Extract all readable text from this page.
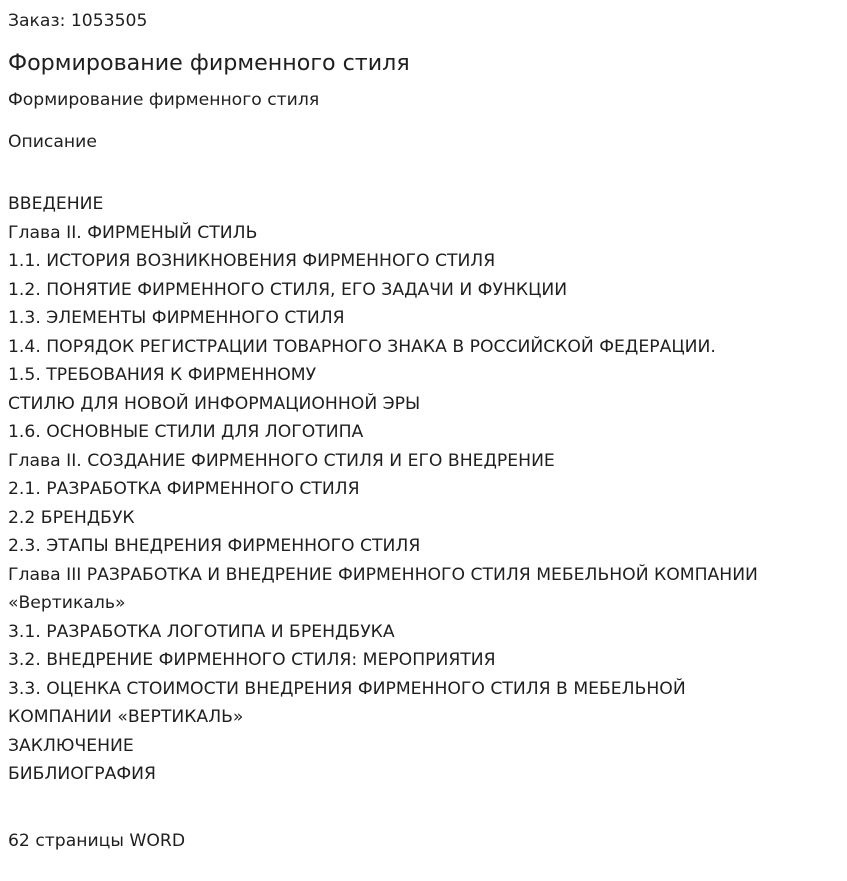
Заказ: 1053505
Формирование фирменного стиля
Формирование фирменного стиля
Описание
ВВЕДЕНИЕ
Глава II. ФИРМЕНЫЙ СТИЛЬ
1.1. ИСТОРИЯ ВОЗНИКНОВЕНИЯ ФИРМЕННОГО СТИЛЯ
1.2. ПОНЯТИЕ ФИРМЕННОГО СТИЛЯ, ЕГО ЗАДАЧИ И ФУНКЦИИ
1.3. ЭЛЕМЕНТЫ ФИРМЕННОГО СТИЛЯ
1.4. ПОРЯДОК РЕГИСТРАЦИИ ТОВАРНОГО ЗНАКА В РОССИЙСКОЙ ФЕДЕРАЦИИ.
1.5. ТРЕБОВАНИЯ К ФИРМЕННОМУ
СТИЛЮ ДЛЯ НОВОЙ ИНФОРМАЦИОННОЙ ЭРЫ
1.6. ОСНОВНЫЕ СТИЛИ ДЛЯ ЛОГОТИПА
Глава II. СОЗДАНИЕ ФИРМЕННОГО СТИЛЯ И ЕГО ВНЕДРЕНИЕ
2.1. РАЗРАБОТКА ФИРМЕННОГО СТИЛЯ
2.2 БРЕНДБУК
2.3. ЭТАПЫ ВНЕДРЕНИЯ ФИРМЕННОГО СТИЛЯ
Глава III РАЗРАБОТКА И ВНЕДРЕНИЕ ФИРМЕННОГО СТИЛЯ МЕБЕЛЬНОЙ КОМПАНИИ
«Вертикаль»
3.1. РАЗРАБОТКА ЛОГОТИПА И БРЕНДБУКА
3.2. ВНЕДРЕНИЕ ФИРМЕННОГО СТИЛЯ: МЕРОПРИЯТИЯ
3.3. ОЦЕНКА СТОИМОСТИ ВНЕДРЕНИЯ ФИРМЕННОГО СТИЛЯ В МЕБЕЛЬНОЙ
КОМПАНИИ «ВЕРТИКАЛЬ»
ЗАКЛЮЧЕНИЕ
БИБЛИОГРАФИЯ
62 страницы WORD
